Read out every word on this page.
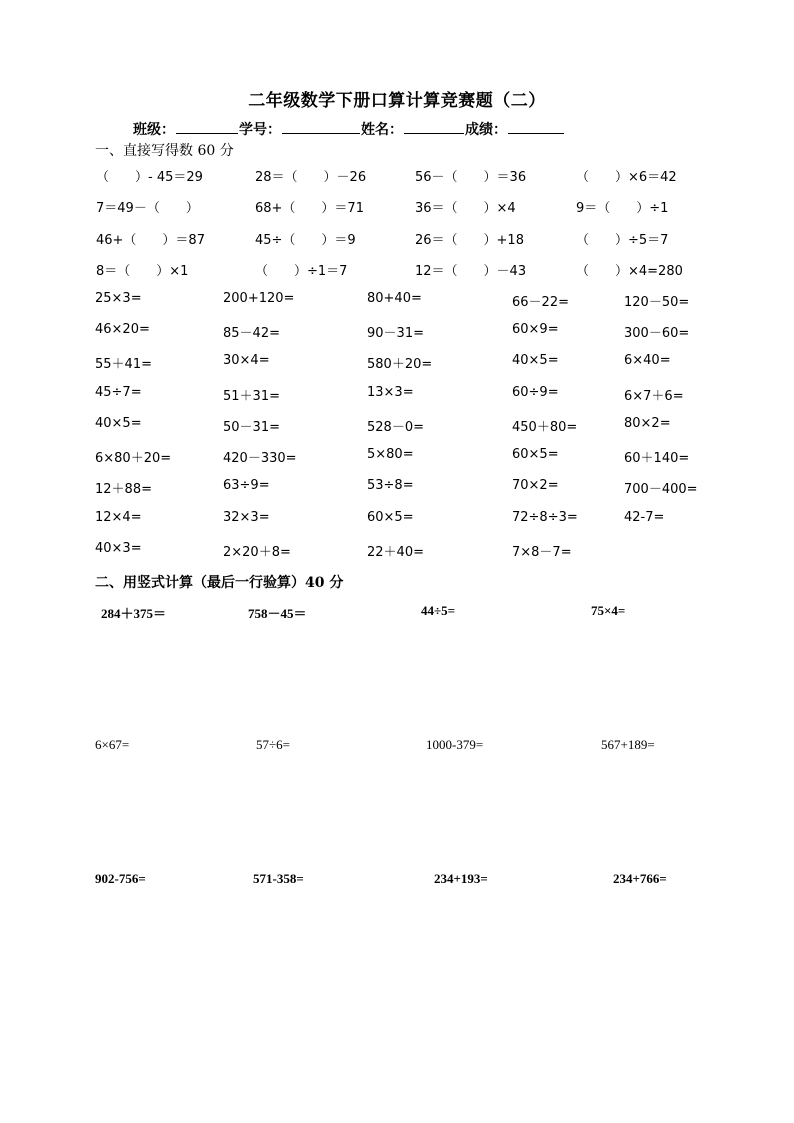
二年级数学下册口算计算竞赛题（二）
班级：	学号：	姓名：	成绩：
一、直接写得数 60 分
（　　）- 45＝29	28＝（　　）－26	56－（　　）＝36	（　　）×6＝42
7＝49－（　　）	68+（　　）＝71	36＝（　　）×4	9＝（　　）÷1
46+（　　）＝87	45÷（　　）＝9	26＝（　　）+18	（　　）÷5＝7
8＝（　　）×1	（　　）÷1＝7	12＝（　　）－43	（　　）×4=280
25×3=	200+120=	80+40=	66－22=	120－50=
46×20=	85－42=	90－31=	60×9=	300－60=
55＋41=	30×4=	580＋20=	40×5=	6×40=
45÷7=	51＋31=	13×3=	60÷9=	6×7＋6=
40×5=	50－31=	528－0=	450＋80=	80×2=
6×80＋20=	420－330=	5×80=	60×5=	60＋140=
12＋88=	63÷9=	53÷8=	70×2=	700－400=
12×4=	32×3=	60×5=	72÷8÷3=	42-7=
40×3=	2×20＋8=	22＋40=	7×8－7=
二、用竖式计算（最后一行验算）40 分
284＋375＝	758－45＝	44÷5=	75×4=
6×67=	57÷6=	1000-379=	567+189=
902-756=	571-358=	234+193=	234+766=
